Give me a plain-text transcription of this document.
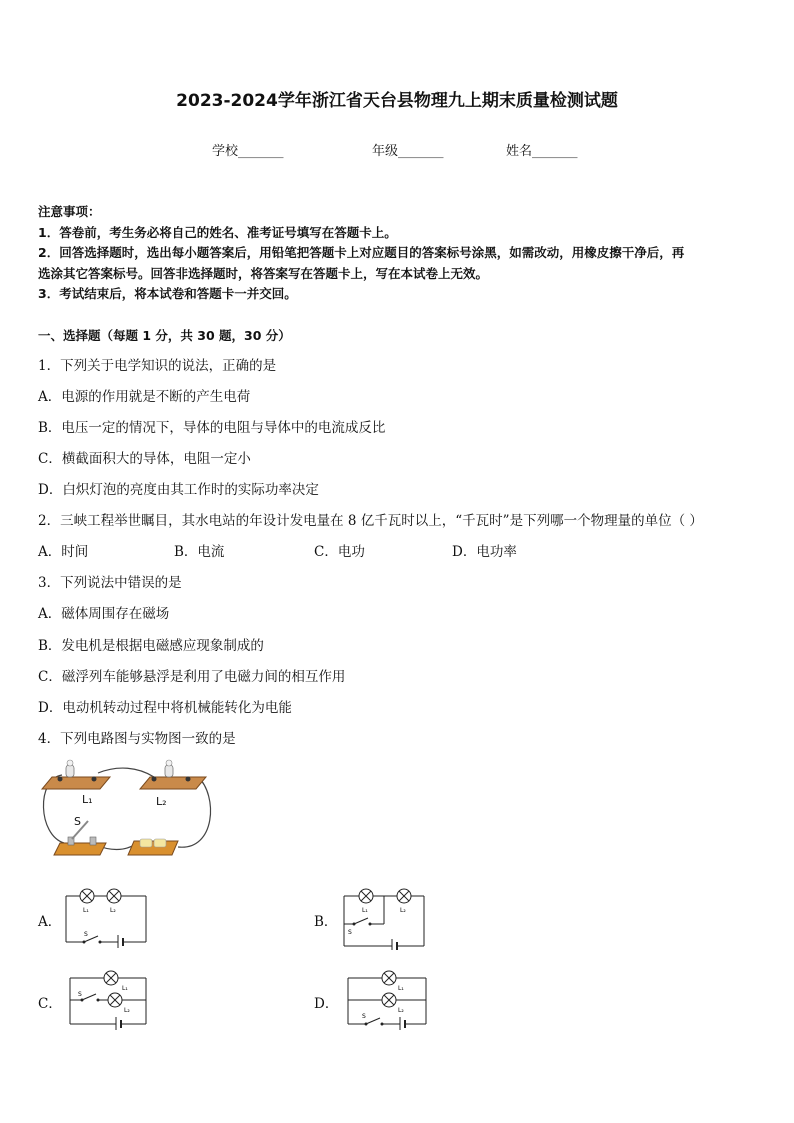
2023-2024学年浙江省天台县物理九上期末质量检测试题
学校_______	年级_______	姓名_______
注意事项：
1．答卷前，考生务必将自己的姓名、准考证号填写在答题卡上。
2．回答选择题时，选出每小题答案后，用铅笔把答题卡上对应题目的答案标号涂黑，如需改动，用橡皮擦干净后，再
选涂其它答案标号。回答非选择题时，将答案写在答题卡上，写在本试卷上无效。
3．考试结束后，将本试卷和答题卡一并交回。
一、选择题（每题 1 分，共 30 题，30 分）
1．下列关于电学知识的说法，正确的是
A．电源的作用就是不断的产生电荷
B．电压一定的情况下，导体的电阻与导体中的电流成反比
C．横截面积大的导体，电阻一定小
D．白炽灯泡的亮度由其工作时的实际功率决定
2．三峡工程举世瞩目，其水电站的年设计发电量在 8 亿千瓦时以上，“千瓦时”是下列哪一个物理量的单位（ ）
A．时间	B．电流	C．电功	D．电功率
3．下列说法中错误的是
A．磁体周围存在磁场
B．发电机是根据电磁感应现象制成的
C．磁浮列车能够悬浮是利用了电磁力间的相互作用
D．电动机转动过程中将机械能转化为电能
4．下列电路图与实物图一致的是
L₁	L₂
S
A．	B．
C．	D．
L₁	L₂
S
L₁	L₂
S
L₁
L₂
S
L₁
L₂
S
